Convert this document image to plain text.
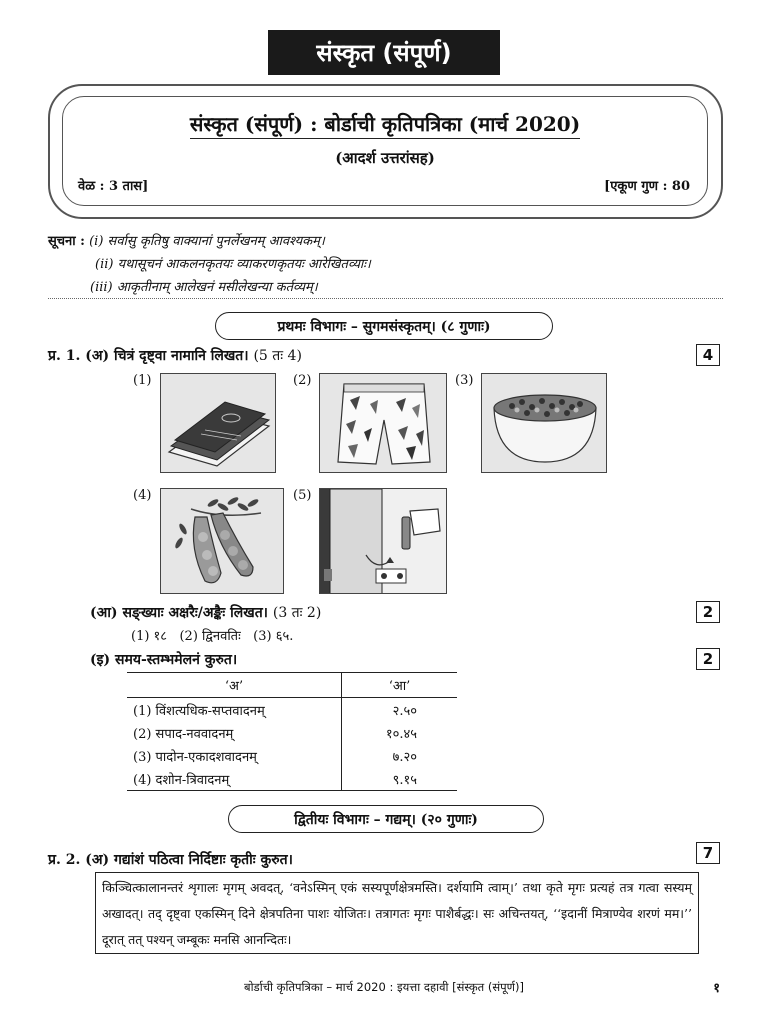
संस्कृत (संपूर्ण)
संस्कृत (संपूर्ण) : बोर्डाची कृतिपत्रिका (मार्च 2020)
(आदर्श उत्तरांसह)
वेळ : 3 तास]	[एकूण गुण : 80
सूचना : (i) सर्वासु कृतिषु वाक्यानां पुनर्लेखनम् आवश्यकम्।
(ii) यथासूचनं आकलनकृतयः व्याकरणकृतयः आरेखितव्याः।
(iii) आकृतीनाम् आलेखनं मसीलेखन्या कर्तव्यम्।
प्रथमः विभागः – सुगमसंस्कृतम्। (८ गुणाः)
प्र. 1. (अ) चित्रं दृष्ट्वा नामानि लिखत। (5 तः 4)	4
(1)	(2)	(3)
(4)	(5)
(आ) सङ्ख्याः अक्षरैः/अङ्कैः लिखत। (3 तः 2)	2
(1) १८ (2) द्विनवतिः (3) ६५.
(इ) समय-स्तम्भमेलनं कुरुत।	2
‘अ’	‘आ’
(1) विंशत्यधिक-सप्तवादनम्	२.५०
(2) सपाद-नववादनम्	१०.४५
(3) पादोन-एकादशवादनम्	७.२०
(4) दशोन-त्रिवादनम्	९.१५
द्वितीयः विभागः – गद्यम्। (२० गुणाः)
प्र. 2. (अ) गद्यांशं पठित्वा निर्दिष्टाः कृतीः कुरुत।	7
किञ्चित्कालानन्तरं शृगालः मृगम् अवदत्, ‘वनेऽस्मिन् एकं सस्यपूर्णक्षेत्रमस्ति। दर्शयामि त्वाम्।’ तथा कृते मृगः प्रत्यहं तत्र गत्वा सस्यम् अखादत्। तद् दृष्ट्वा एकस्मिन् दिने क्षेत्रपतिना पाशः योजितः। तत्रागतः मृगः पाशैर्बद्धः। सः अचिन्तयत्, ‘‘इदानीं मित्राण्येव शरणं मम।’’ दूरात् तत् पश्यन् जम्बूकः मनसि आनन्दितः।
बोर्डाची कृतिपत्रिका – मार्च 2020 : इयत्ता दहावी [संस्कृत (संपूर्ण)]	१
